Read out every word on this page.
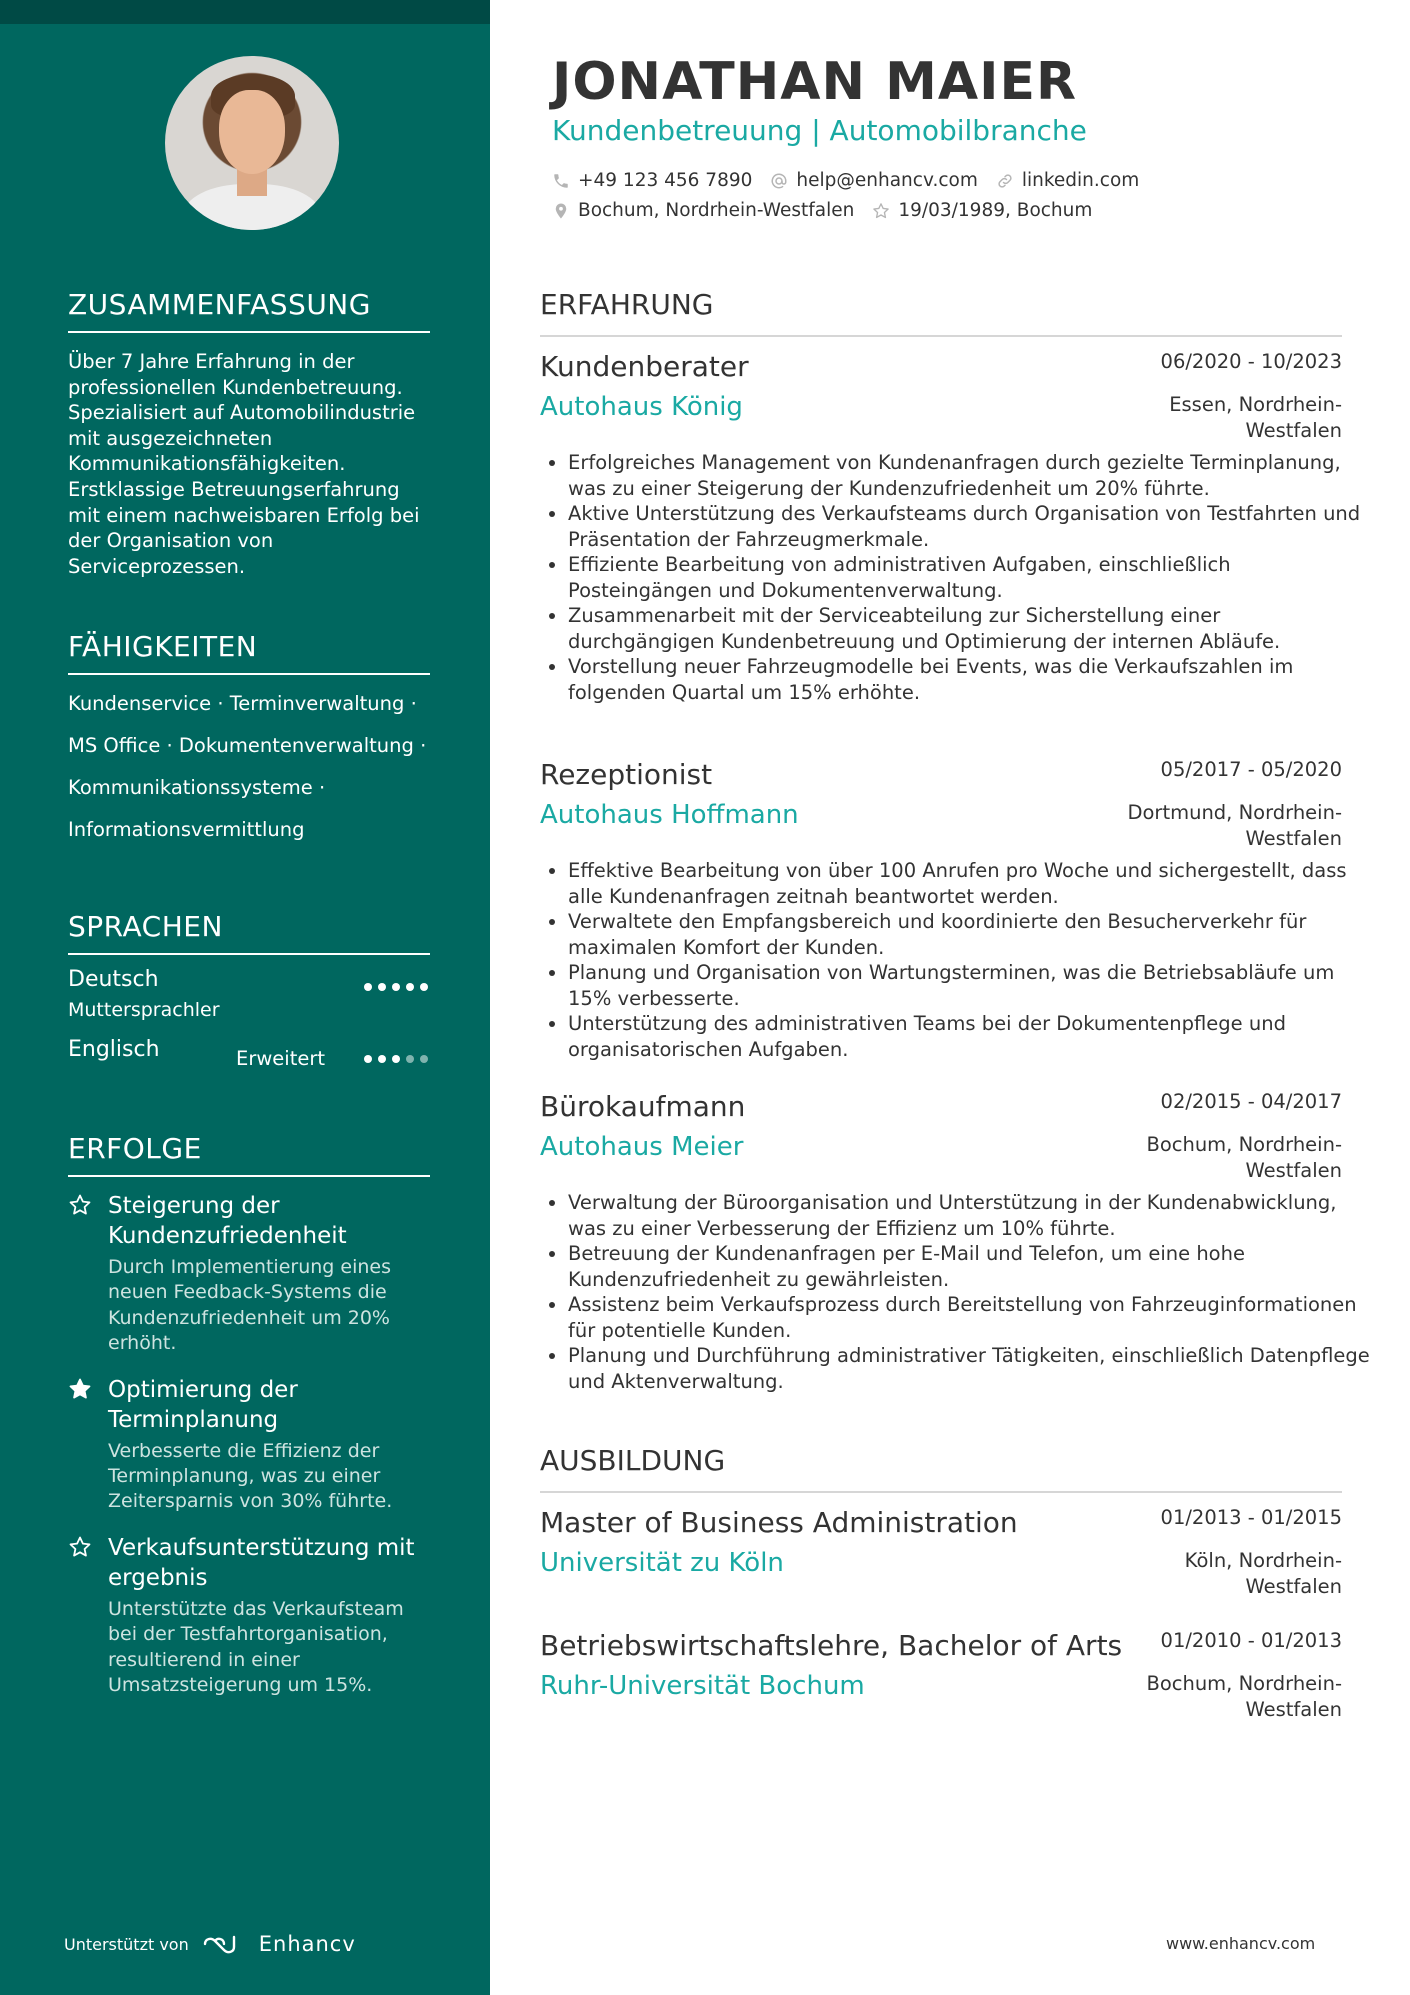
ZUSAMMENFASSUNG
Über 7 Jahre Erfahrung in der professionellen Kundenbetreuung. Spezialisiert auf Automobilindustrie mit ausgezeichneten Kommunikationsfähigkeiten. Erstklassige Betreuungserfahrung mit einem nachweisbaren Erfolg bei der Organisation von Serviceprozessen.
FÄHIGKEITEN
Kundenservice · Terminverwaltung ·
MS Office · Dokumentenverwaltung ·
Kommunikationssysteme ·
Informationsvermittlung
SPRACHEN
Deutsch
Muttersprachler
Englisch	Erweitert
ERFOLGE
Steigerung der Kundenzufriedenheit
Durch Implementierung eines neuen Feedback-Systems die Kundenzufriedenheit um 20% erhöht.
Optimierung der Terminplanung
Verbesserte die Effizienz der Terminplanung, was zu einer Zeitersparnis von 30% führte.
Verkaufsunterstützung mit ergebnis
Unterstützte das Verkaufsteam bei der Testfahrtorganisation, resultierend in einer Umsatzsteigerung um 15%.
Unterstützt von	Enhancv
JONATHAN MAIER
Kundenbetreuung | Automobilbranche
+49 123 456 7890 help@enhancv.com linkedin.com
Bochum, Nordrhein-Westfalen 19/03/1989, Bochum
ERFAHRUNG
Kundenberater	06/2020 - 10/2023
Autohaus König	Essen, Nordrhein-Westfalen
• Erfolgreiches Management von Kundenanfragen durch gezielte Terminplanung, was zu einer Steigerung der Kundenzufriedenheit um 20% führte.
• Aktive Unterstützung des Verkaufsteams durch Organisation von Testfahrten und Präsentation der Fahrzeugmerkmale.
• Effiziente Bearbeitung von administrativen Aufgaben, einschließlich Posteingängen und Dokumentenverwaltung.
• Zusammenarbeit mit der Serviceabteilung zur Sicherstellung einer durchgängigen Kundenbetreuung und Optimierung der internen Abläufe.
• Vorstellung neuer Fahrzeugmodelle bei Events, was die Verkaufszahlen im folgenden Quartal um 15% erhöhte.
Rezeptionist	05/2017 - 05/2020
Autohaus Hoffmann	Dortmund, Nordrhein-Westfalen
• Effektive Bearbeitung von über 100 Anrufen pro Woche und sichergestellt, dass alle Kundenanfragen zeitnah beantwortet werden.
• Verwaltete den Empfangsbereich und koordinierte den Besucherverkehr für maximalen Komfort der Kunden.
• Planung und Organisation von Wartungsterminen, was die Betriebsabläufe um 15% verbesserte.
• Unterstützung des administrativen Teams bei der Dokumentenpflege und organisatorischen Aufgaben.
Bürokaufmann	02/2015 - 04/2017
Autohaus Meier	Bochum, Nordrhein-Westfalen
• Verwaltung der Büroorganisation und Unterstützung in der Kundenabwicklung, was zu einer Verbesserung der Effizienz um 10% führte.
• Betreuung der Kundenanfragen per E-Mail und Telefon, um eine hohe Kundenzufriedenheit zu gewährleisten.
• Assistenz beim Verkaufsprozess durch Bereitstellung von Fahrzeuginformationen für potentielle Kunden.
• Planung und Durchführung administrativer Tätigkeiten, einschließlich Datenpflege und Aktenverwaltung.
AUSBILDUNG
Master of Business Administration	01/2013 - 01/2015
Universität zu Köln	Köln, Nordrhein-Westfalen
Betriebswirtschaftslehre, Bachelor of Arts 01/2010 - 01/2013
Ruhr-Universität Bochum	Bochum, Nordrhein-Westfalen
www.enhancv.com
